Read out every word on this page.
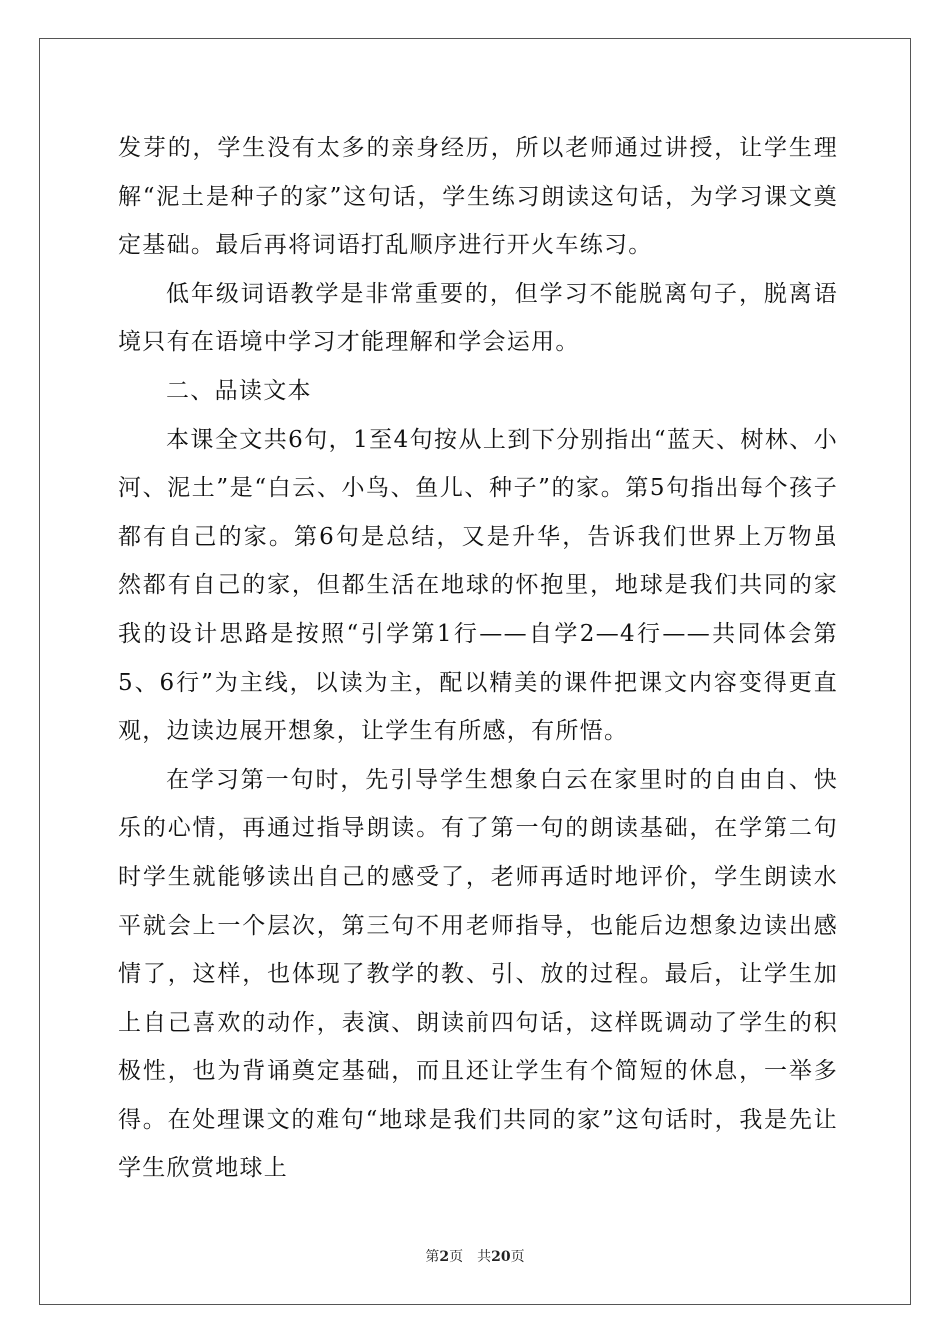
发芽的，学生没有太多的亲身经历，所以老师通过讲授，让学生理解“泥土是种子的家”这句话，学生练习朗读这句话，为学习课文奠定基础。最后再将词语打乱顺序进行开火车练习。

低年级词语教学是非常重要的，但学习不能脱离句子，脱离语境只有在语境中学习才能理解和学会运用。

二、品读文本

本课全文共6句，1至4句按从上到下分别指出“蓝天、树林、小河、泥土”是“白云、小鸟、鱼儿、种子”的家。第5句指出每个孩子都有自己的家。第6句是总结，又是升华，告诉我们世界上万物虽然都有自己的家，但都生活在地球的怀抱里，地球是我们共同的家我的设计思路是按照“引学第1行——自学2—4行——共同体会第5、6行”为主线，以读为主，配以精美的课件把课文内容变得更直观，边读边展开想象，让学生有所感，有所悟。

在学习第一句时，先引导学生想象白云在家里时的自由自、快乐的心情，再通过指导朗读。有了第一句的朗读基础，在学第二句时学生就能够读出自己的感受了，老师再适时地评价，学生朗读水平就会上一个层次，第三句不用老师指导，也能后边想象边读出感情了，这样，也体现了教学的教、引、放的过程。最后，让学生加上自己喜欢的动作，表演、朗读前四句话，这样既调动了学生的积极性，也为背诵奠定基础，而且还让学生有个简短的休息，一举多得。在处理课文的难句“地球是我们共同的家”这句话时，我是先让学生欣赏地球上

第2页 共20页
